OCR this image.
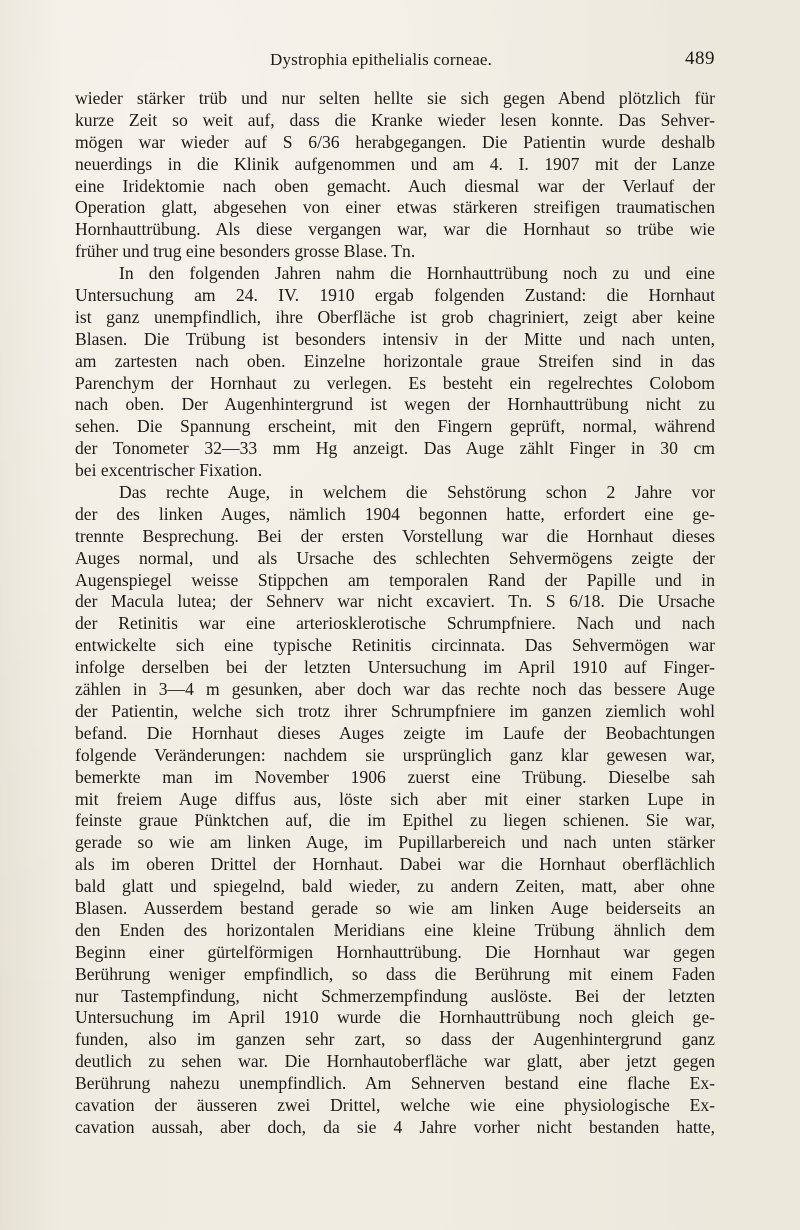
Dystrophia epithelialis corneae.	489
wieder stärker trüb und nur selten hellte sie sich gegen Abend plötzlich für
kurze Zeit so weit auf, dass die Kranke wieder lesen konnte. Das Sehver-
mögen war wieder auf S 6/36 herabgegangen. Die Patientin wurde deshalb
neuerdings in die Klinik aufgenommen und am 4. I. 1907 mit der Lanze
eine Iridektomie nach oben gemacht. Auch diesmal war der Verlauf der
Operation glatt, abgesehen von einer etwas stärkeren streifigen traumatischen
Hornhauttrübung. Als diese vergangen war, war die Hornhaut so trübe wie
früher und trug eine besonders grosse Blase. Tn.
In den folgenden Jahren nahm die Hornhauttrübung noch zu und eine
Untersuchung am 24. IV. 1910 ergab folgenden Zustand: die Hornhaut
ist ganz unempfindlich, ihre Oberfläche ist grob chagriniert, zeigt aber keine
Blasen. Die Trübung ist besonders intensiv in der Mitte und nach unten,
am zartesten nach oben. Einzelne horizontale graue Streifen sind in das
Parenchym der Hornhaut zu verlegen. Es besteht ein regelrechtes Colobom
nach oben. Der Augenhintergrund ist wegen der Hornhauttrübung nicht zu
sehen. Die Spannung erscheint, mit den Fingern geprüft, normal, während
der Tonometer 32—33 mm Hg anzeigt. Das Auge zählt Finger in 30 cm
bei excentrischer Fixation.
Das rechte Auge, in welchem die Sehstörung schon 2 Jahre vor
der des linken Auges, nämlich 1904 begonnen hatte, erfordert eine ge-
trennte Besprechung. Bei der ersten Vorstellung war die Hornhaut dieses
Auges normal, und als Ursache des schlechten Sehvermögens zeigte der
Augenspiegel weisse Stippchen am temporalen Rand der Papille und in
der Macula lutea; der Sehnerv war nicht excaviert. Tn. S 6/18. Die Ursache
der Retinitis war eine arteriosklerotische Schrumpfniere. Nach und nach
entwickelte sich eine typische Retinitis circinnata. Das Sehvermögen war
infolge derselben bei der letzten Untersuchung im April 1910 auf Finger-
zählen in 3—4 m gesunken, aber doch war das rechte noch das bessere Auge
der Patientin, welche sich trotz ihrer Schrumpfniere im ganzen ziemlich wohl
befand. Die Hornhaut dieses Auges zeigte im Laufe der Beobachtungen
folgende Veränderungen: nachdem sie ursprünglich ganz klar gewesen war,
bemerkte man im November 1906 zuerst eine Trübung. Dieselbe sah
mit freiem Auge diffus aus, löste sich aber mit einer starken Lupe in
feinste graue Pünktchen auf, die im Epithel zu liegen schienen. Sie war,
gerade so wie am linken Auge, im Pupillarbereich und nach unten stärker
als im oberen Drittel der Hornhaut. Dabei war die Hornhaut oberflächlich
bald glatt und spiegelnd, bald wieder, zu andern Zeiten, matt, aber ohne
Blasen. Ausserdem bestand gerade so wie am linken Auge beiderseits an
den Enden des horizontalen Meridians eine kleine Trübung ähnlich dem
Beginn einer gürtelförmigen Hornhauttrübung. Die Hornhaut war gegen
Berührung weniger empfindlich, so dass die Berührung mit einem Faden
nur Tastempfindung, nicht Schmerzempfindung auslöste. Bei der letzten
Untersuchung im April 1910 wurde die Hornhauttrübung noch gleich ge-
funden, also im ganzen sehr zart, so dass der Augenhintergrund ganz
deutlich zu sehen war. Die Hornhautoberfläche war glatt, aber jetzt gegen
Berührung nahezu unempfindlich. Am Sehnerven bestand eine flache Ex-
cavation der äusseren zwei Drittel, welche wie eine physiologische Ex-
cavation aussah, aber doch, da sie 4 Jahre vorher nicht bestanden hatte,
